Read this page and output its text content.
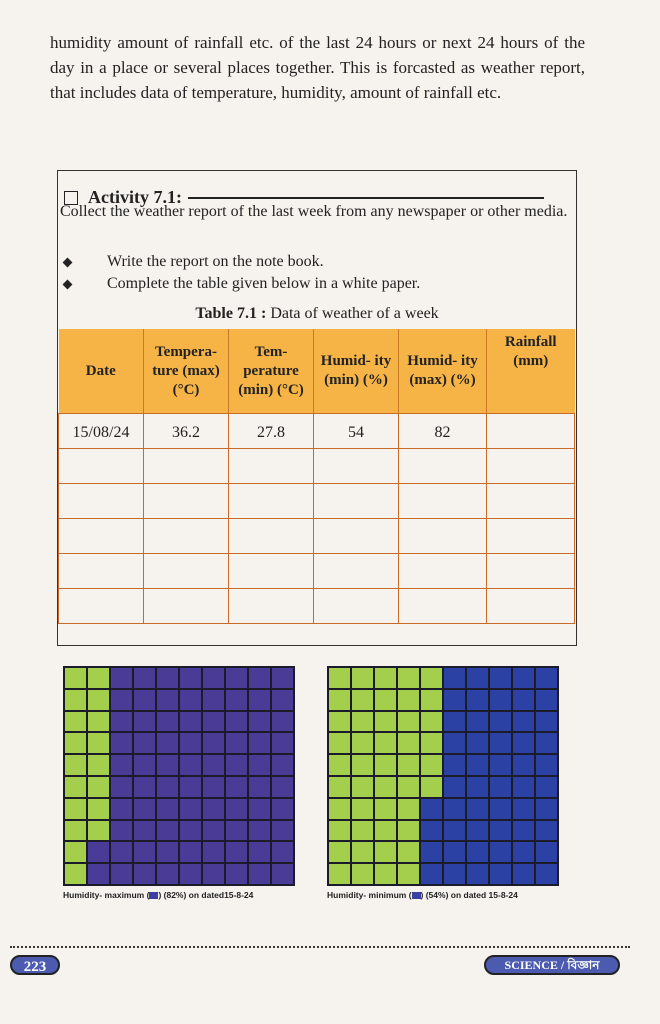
humidity amount of rainfall etc. of the last 24 hours or next 24 hours of the day in a place or several places together. This is forcasted as weather report, that includes data of temperature, humidity, amount of rainfall etc.
Activity 7.1:
Collect the weather report of the last week from any newspaper or other media.
Write the report on the note book.
Complete the table given below in a white paper.
Table 7.1 : Data of weather of a week
Date	Tempera- ture (max) (°C)	Tem- perature (min) (°C)	Humid- ity (min) (%)	Humid- ity (max) (%)	Rainfall (mm)
15/08/24	36.2	27.8	54	82	

Humidity- maximum ( ) (82%) on dated15-8-24	Humidity- minimum ( ) (54%) on dated 15-8-24
223	SCIENCE / বিজ্ঞান
